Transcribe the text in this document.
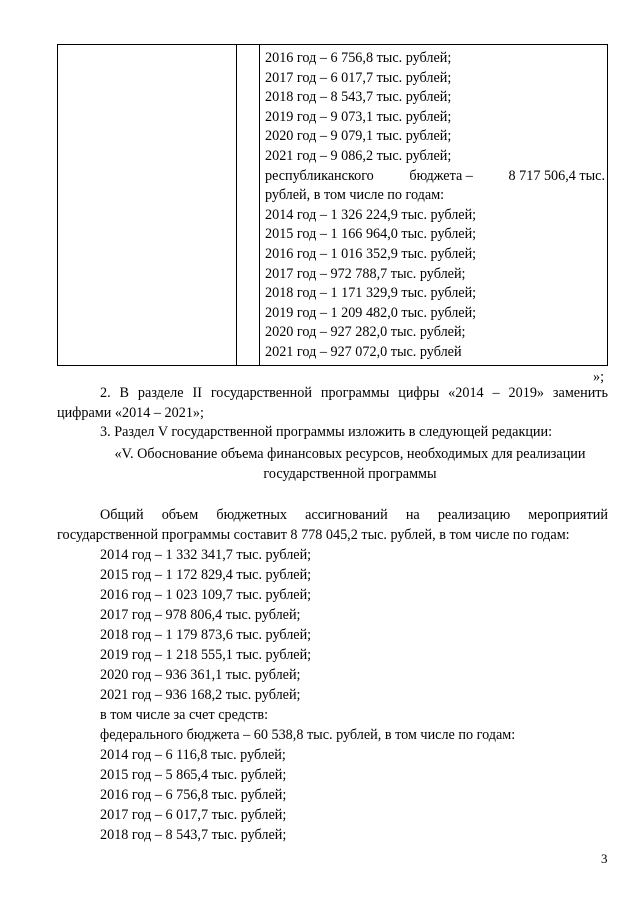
2016 год – 6 756,8 тыс. рублей;
2017 год – 6 017,7 тыс. рублей;
2018 год – 8 543,7 тыс. рублей;
2019 год – 9 073,1 тыс. рублей;
2020 год – 9 079,1 тыс. рублей;
2021 год – 9 086,2 тыс. рублей;
республиканского	бюджета –	8 717 506,4 тыс.
рублей, в том числе по годам:
2014 год – 1 326 224,9 тыс. рублей;
2015 год – 1 166 964,0 тыс. рублей;
2016 год – 1 016 352,9 тыс. рублей;
2017 год – 972 788,7 тыс. рублей;
2018 год – 1 171 329,9 тыс. рублей;
2019 год – 1 209 482,0 тыс. рублей;
2020 год – 927 282,0 тыс. рублей;
2021 год – 927 072,0 тыс. рублей
»;
2. В разделе II государственной программы цифры «2014 – 2019» заменить
цифрами «2014 – 2021»;
3. Раздел V государственной программы изложить в следующей редакции:
«V. Обоснование объема финансовых ресурсов, необходимых для реализации
государственной программы
Общий объем бюджетных ассигнований на реализацию мероприятий
государственной программы составит 8 778 045,2 тыс. рублей, в том числе по годам:
2014 год – 1 332 341,7 тыс. рублей;
2015 год – 1 172 829,4 тыс. рублей;
2016 год – 1 023 109,7 тыс. рублей;
2017 год – 978 806,4 тыс. рублей;
2018 год – 1 179 873,6 тыс. рублей;
2019 год – 1 218 555,1 тыс. рублей;
2020 год – 936 361,1 тыс. рублей;
2021 год – 936 168,2 тыс. рублей;
в том числе за счет средств:
федерального бюджета – 60 538,8 тыс. рублей, в том числе по годам:
2014 год – 6 116,8 тыс. рублей;
2015 год – 5 865,4 тыс. рублей;
2016 год – 6 756,8 тыс. рублей;
2017 год – 6 017,7 тыс. рублей;
2018 год – 8 543,7 тыс. рублей;
3
